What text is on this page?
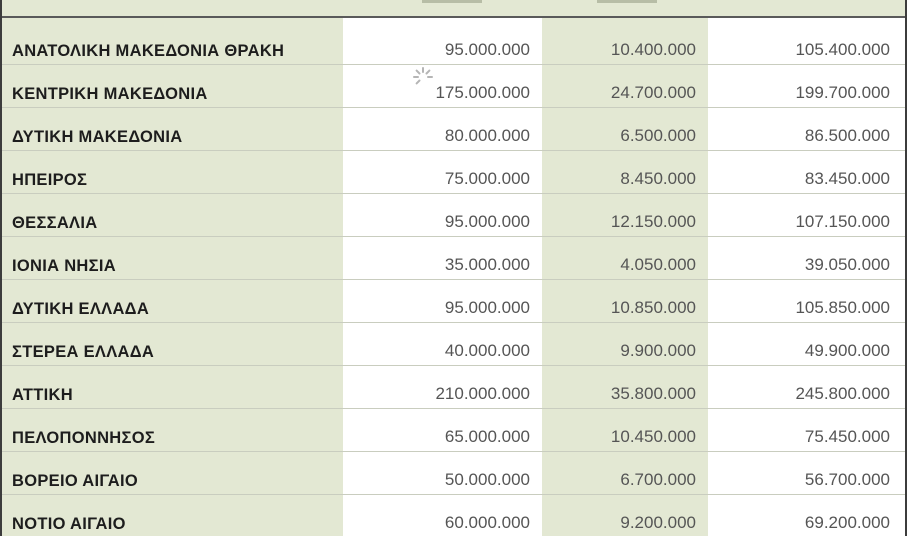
ΑΝΑΤΟΛΙΚΗ ΜΑΚΕΔΟΝΙΑ ΘΡΑΚΗ	95.000.000	10.400.000	105.400.000
ΚΕΝΤΡΙΚΗ ΜΑΚΕΔΟΝΙΑ	175.000.000	24.700.000	199.700.000
ΔΥΤΙΚΗ ΜΑΚΕΔΟΝΙΑ	80.000.000	6.500.000	86.500.000
ΗΠΕΙΡΟΣ	75.000.000	8.450.000	83.450.000
ΘΕΣΣΑΛΙΑ	95.000.000	12.150.000	107.150.000
ΙΟΝΙΑ ΝΗΣΙΑ	35.000.000	4.050.000	39.050.000
ΔΥΤΙΚΗ ΕΛΛΑΔΑ	95.000.000	10.850.000	105.850.000
ΣΤΕΡΕΑ ΕΛΛΑΔΑ	40.000.000	9.900.000	49.900.000
ΑΤΤΙΚΗ	210.000.000	35.800.000	245.800.000
ΠΕΛΟΠΟΝΝΗΣΟΣ	65.000.000	10.450.000	75.450.000
ΒΟΡΕΙΟ ΑΙΓΑΙΟ	50.000.000	6.700.000	56.700.000
ΝΟΤΙΟ ΑΙΓΑΙΟ	60.000.000	9.200.000	69.200.000
